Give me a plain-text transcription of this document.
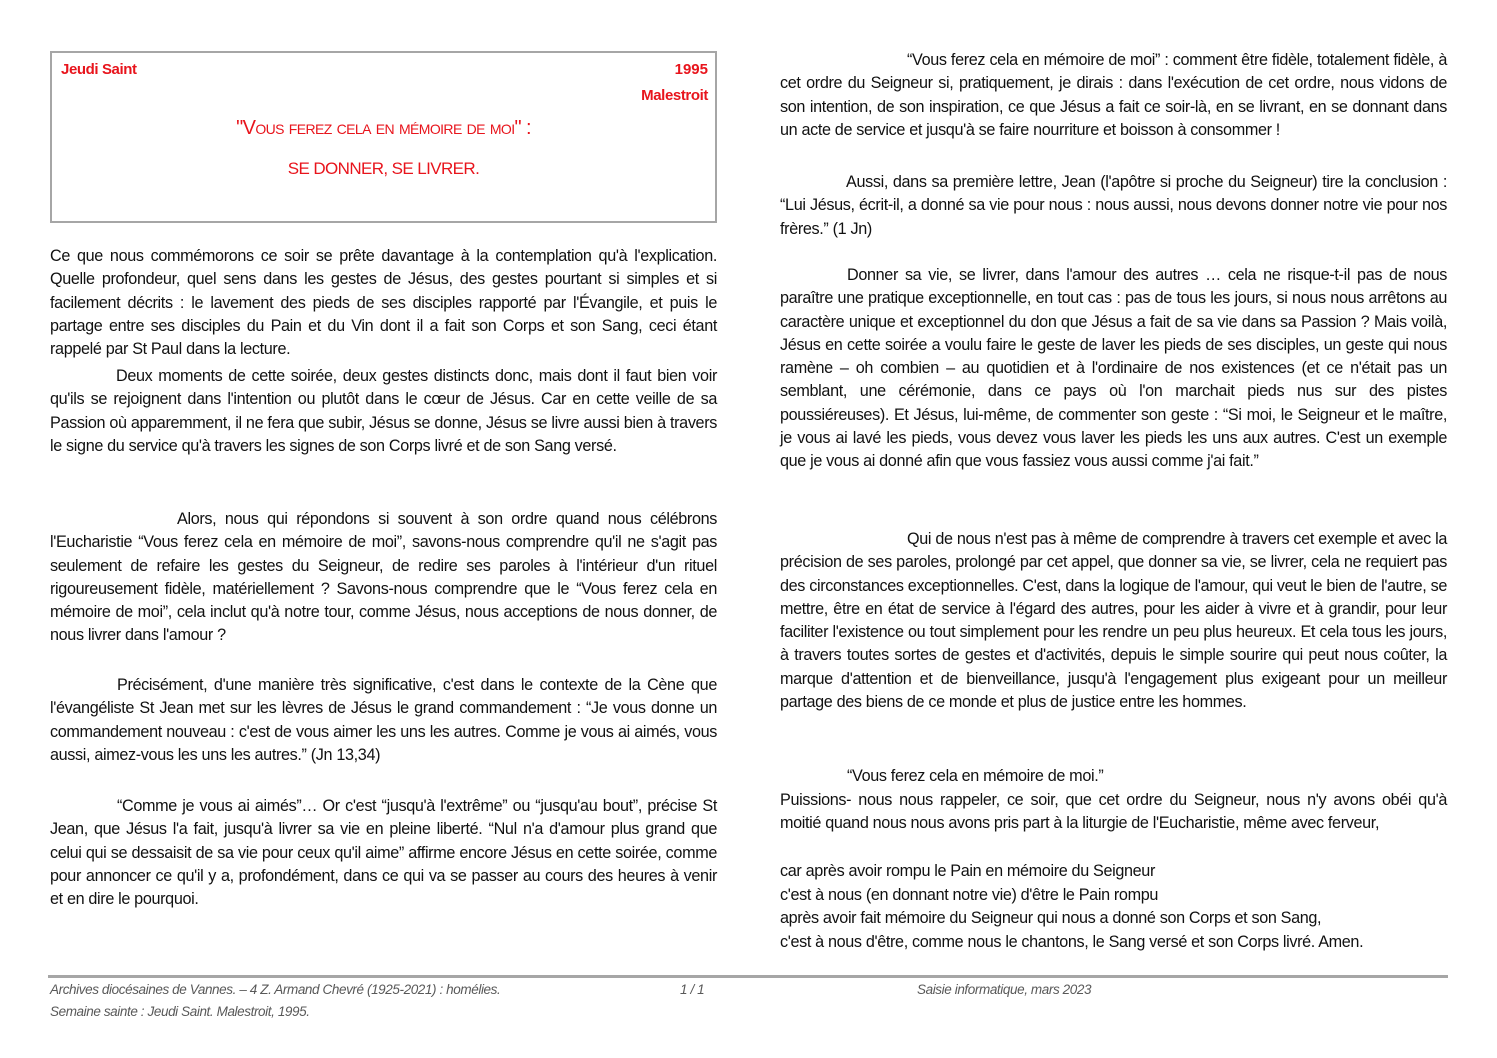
Jeudi Saint	1995
Malestroit
"Vous ferez cela en mémoire de moi" :
SE DONNER, SE LIVRER.

Ce que nous commémorons ce soir se prête davantage à la contemplation qu'à l'explication. Quelle profondeur, quel sens dans les gestes de Jésus, des gestes pourtant si simples et si facilement décrits : le lavement des pieds de ses disciples rapporté par l'Évangile, et puis le partage entre ses disciples du Pain et du Vin dont il a fait son Corps et son Sang, ceci étant rappelé par St Paul dans la lecture.

Deux moments de cette soirée, deux gestes distincts donc, mais dont il faut bien voir qu'ils se rejoignent dans l'intention ou plutôt dans le cœur de Jésus. Car en cette veille de sa Passion où apparemment, il ne fera que subir, Jésus se donne, Jésus se livre aussi bien à travers le signe du service qu'à travers les signes de son Corps livré et de son Sang versé.

Alors, nous qui répondons si souvent à son ordre quand nous célébrons l'Eucharistie “Vous ferez cela en mémoire de moi”, savons-nous comprendre qu'il ne s'agit pas seulement de refaire les gestes du Seigneur, de redire ses paroles à l'intérieur d'un rituel rigoureusement fidèle, matériellement ? Savons-nous comprendre que le “Vous ferez cela en mémoire de moi”, cela inclut qu'à notre tour, comme Jésus, nous acceptions de nous donner, de nous livrer dans l'amour ?

Précisément, d'une manière très significative, c'est dans le contexte de la Cène que l'évangéliste St Jean met sur les lèvres de Jésus le grand commandement : “Je vous donne un commandement nouveau : c'est de vous aimer les uns les autres. Comme je vous ai aimés, vous aussi, aimez-vous les uns les autres.” (Jn 13,34)

“Comme je vous ai aimés”… Or c'est “jusqu'à l'extrême” ou “jusqu'au bout”, précise St Jean, que Jésus l'a fait, jusqu'à livrer sa vie en pleine liberté. “Nul n'a d'amour plus grand que celui qui se dessaisit de sa vie pour ceux qu'il aime” affirme encore Jésus en cette soirée, comme pour annoncer ce qu'il y a, profondément, dans ce qui va se passer au cours des heures à venir et en dire le pourquoi.

“Vous ferez cela en mémoire de moi” : comment être fidèle, totalement fidèle, à cet ordre du Seigneur si, pratiquement, je dirais : dans l'exécution de cet ordre, nous vidons de son intention, de son inspiration, ce que Jésus a fait ce soir-là, en se livrant, en se donnant dans un acte de service et jusqu'à se faire nourriture et boisson à consommer !

Aussi, dans sa première lettre, Jean (l'apôtre si proche du Seigneur) tire la conclusion : “Lui Jésus, écrit-il, a donné sa vie pour nous : nous aussi, nous devons donner notre vie pour nos frères.” (1 Jn)

Donner sa vie, se livrer, dans l'amour des autres … cela ne risque-t-il pas de nous paraître une pratique exceptionnelle, en tout cas : pas de tous les jours, si nous nous arrêtons au caractère unique et exceptionnel du don que Jésus a fait de sa vie dans sa Passion ? Mais voilà, Jésus en cette soirée a voulu faire le geste de laver les pieds de ses disciples, un geste qui nous ramène – oh combien – au quotidien et à l'ordinaire de nos existences (et ce n'était pas un semblant, une cérémonie, dans ce pays où l'on marchait pieds nus sur des pistes poussiéreuses). Et Jésus, lui-même, de commenter son geste : “Si moi, le Seigneur et le maître, je vous ai lavé les pieds, vous devez vous laver les pieds les uns aux autres. C'est un exemple que je vous ai donné afin que vous fassiez vous aussi comme j'ai fait.”

Qui de nous n'est pas à même de comprendre à travers cet exemple et avec la précision de ses paroles, prolongé par cet appel, que donner sa vie, se livrer, cela ne requiert pas des circonstances exceptionnelles. C'est, dans la logique de l'amour, qui veut le bien de l'autre, se mettre, être en état de service à l'égard des autres, pour les aider à vivre et à grandir, pour leur faciliter l'existence ou tout simplement pour les rendre un peu plus heureux. Et cela tous les jours, à travers toutes sortes de gestes et d'activités, depuis le simple sourire qui peut nous coûter, la marque d'attention et de bienveillance, jusqu'à l'engagement plus exigeant pour un meilleur partage des biens de ce monde et plus de justice entre les hommes.

“Vous ferez cela en mémoire de moi.”
Puissions- nous nous rappeler, ce soir, que cet ordre du Seigneur, nous n'y avons obéi qu'à moitié quand nous nous avons pris part à la liturgie de l'Eucharistie, même avec ferveur,
car après avoir rompu le Pain en mémoire du Seigneur
c'est à nous (en donnant notre vie) d'être le Pain rompu
après avoir fait mémoire du Seigneur qui nous a donné son Corps et son Sang,
c'est à nous d'être, comme nous le chantons, le Sang versé et son Corps livré. Amen.
Archives diocésaines de Vannes. – 4 Z. Armand Chevré (1925-2021) : homélies.	1 / 1	Saisie informatique, mars 2023
Semaine sainte : Jeudi Saint. Malestroit, 1995.
